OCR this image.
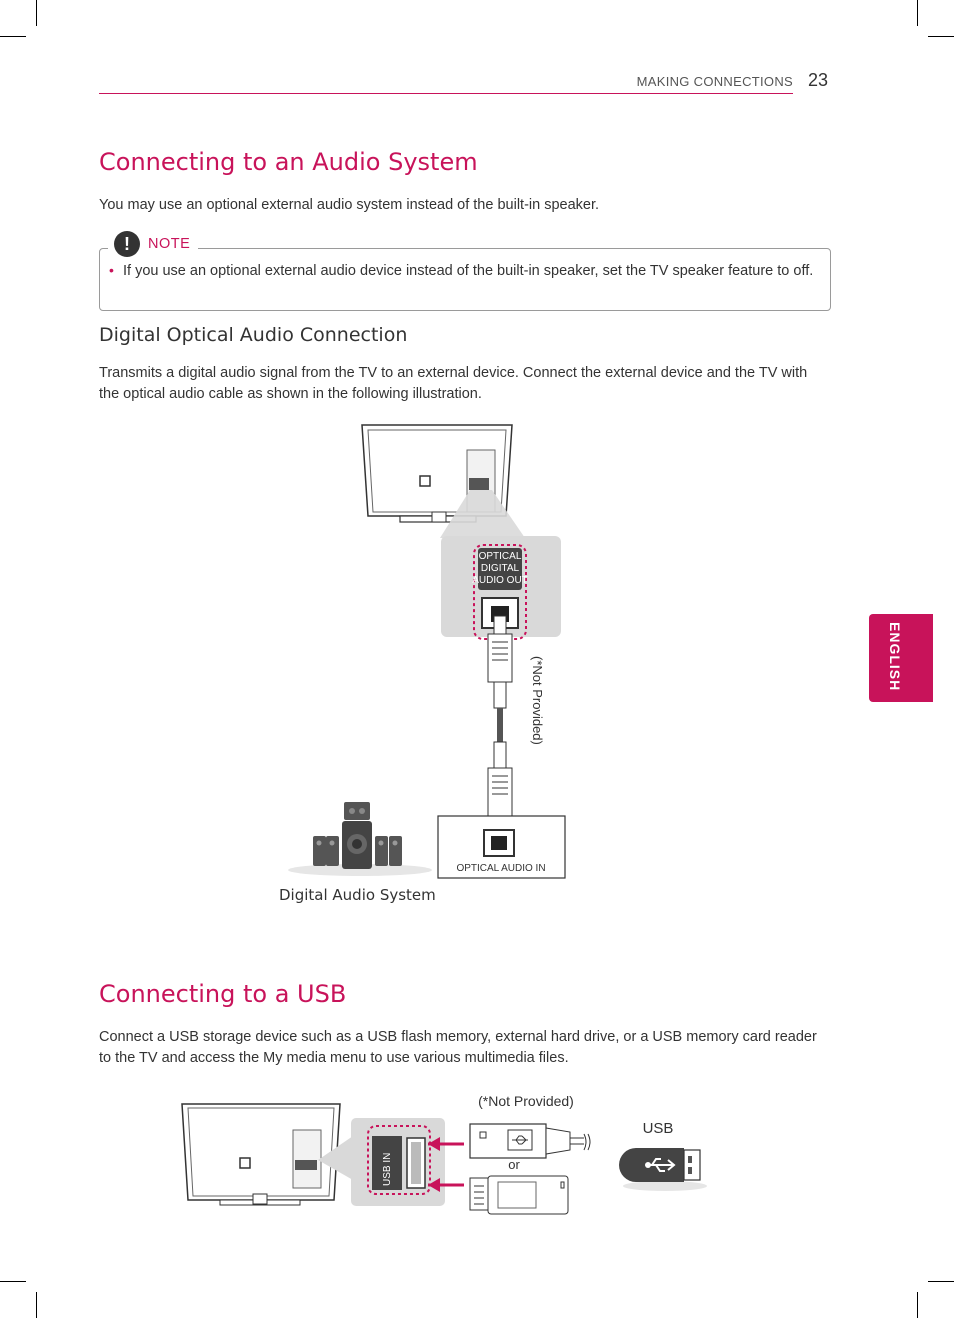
MAKING CONNECTIONS 23
ENGLISH
Connecting to an Audio System
You may use an optional external audio system instead of the built-in speaker.
!	NOTE
• If you use an optional external audio device instead of the built-in speaker, set the TV speaker feature to off.
Digital Optical Audio Connection
Transmits a digital audio signal from the TV to an external device. Connect the external device and the TV with the optical audio cable as shown in the following illustration.
OPTICAL
DIGITAL
AUDIO OUT
(*Not Provided)
OPTICAL AUDIO IN
Digital Audio System
Connecting to a USB
Connect a USB storage device such as a USB flash memory, external hard drive, or a USB memory card reader to the TV and access the My media menu to use various multimedia files.
USB IN
(*Not Provided)
or
USB
